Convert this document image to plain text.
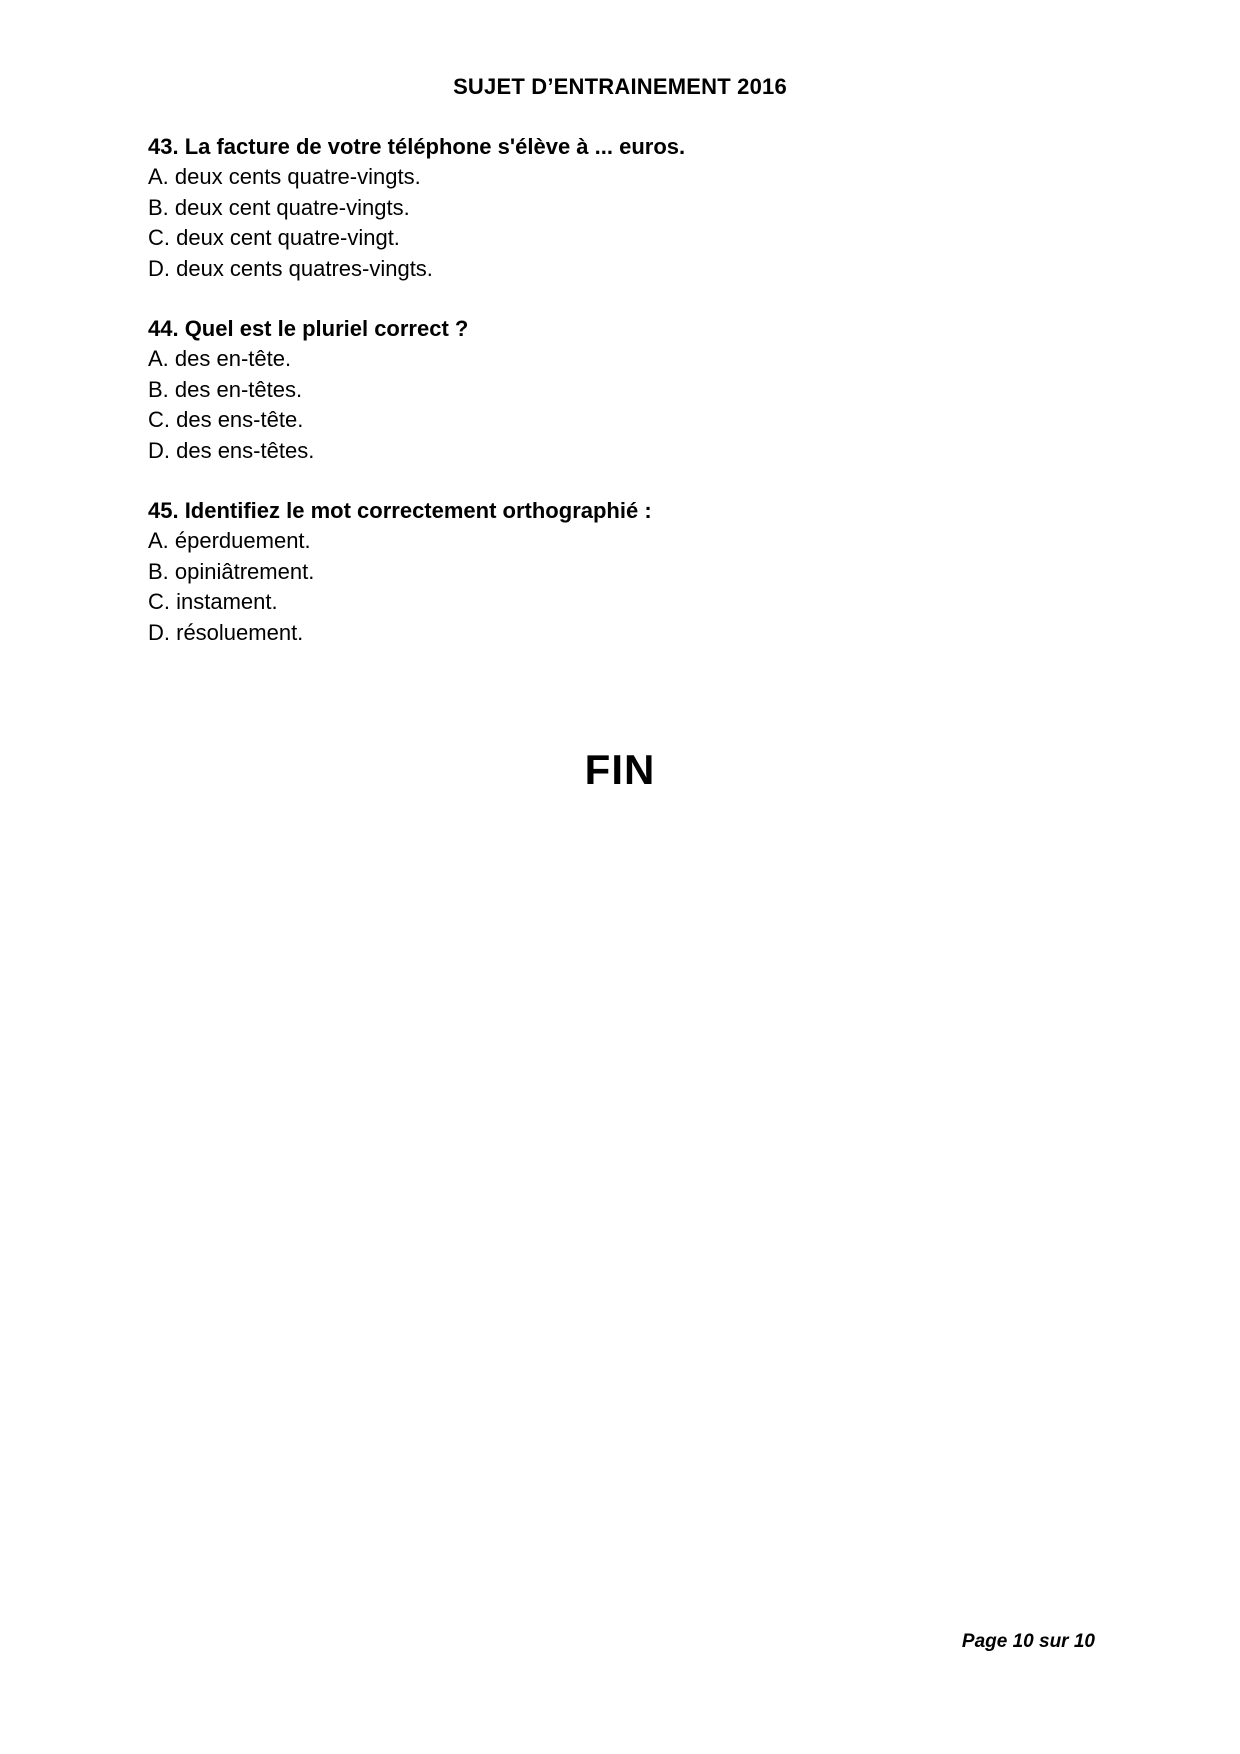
SUJET D’ENTRAINEMENT 2016
43. La facture de votre téléphone s'élève à ... euros.
A. deux cents quatre-vingts.
B. deux cent quatre-vingts.
C. deux cent quatre-vingt.
D. deux cents quatres-vingts.
44. Quel est le pluriel correct ?
A. des en-tête.
B. des en-têtes.
C. des ens-tête.
D. des ens-têtes.
45. Identifiez le mot correctement orthographié :
A. éperduement.
B. opiniâtrement.
C. instament.
D. résoluement.
FIN
Page 10 sur 10
